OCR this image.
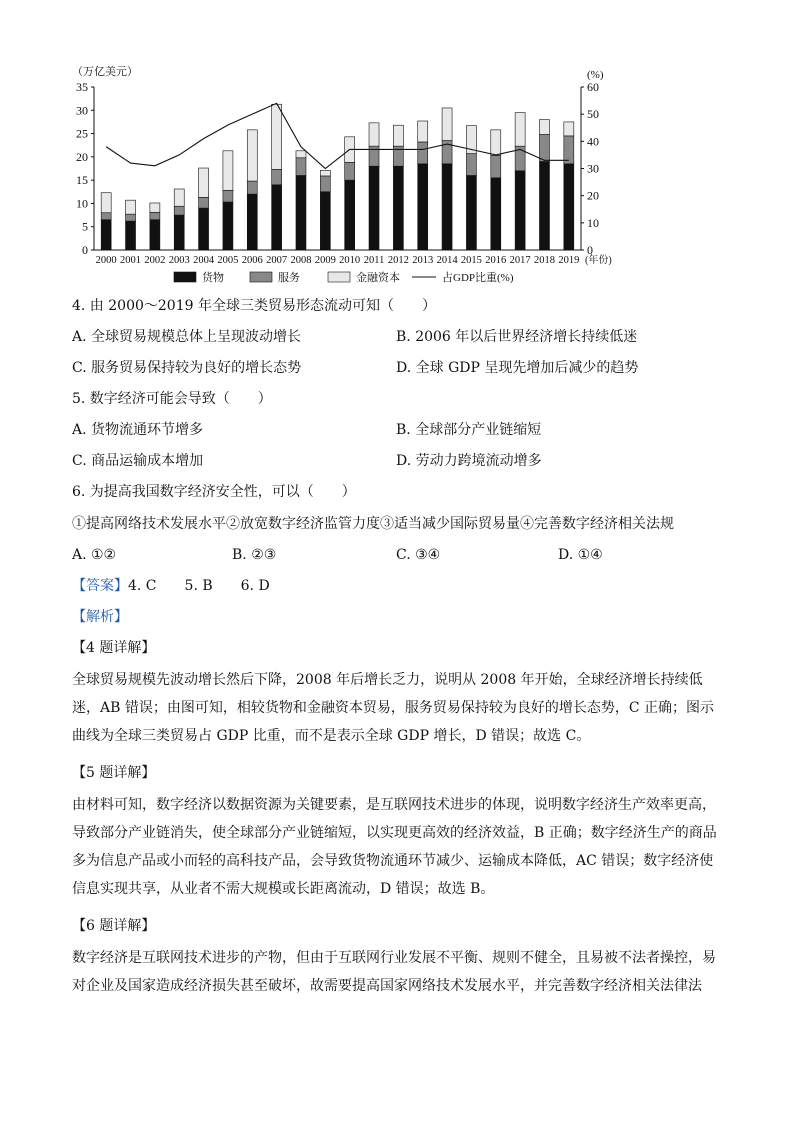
（万亿美元）	(%)
0
5
10
15
20
25
30
35
0
10
20
30
40
50
60
2000 2001 2002 2003 2004 2005 2006 2007 2008 2009 2010 2011 2012 2013 2014 2015 2016 2017 2018 2019 (年份)
货物	服务	金融资本	占GDP比重(%)
4. 由 2000～2019 年全球三类贸易形态流动可知（　　）
A. 全球贸易规模总体上呈现波动增长	B. 2006 年以后世界经济增长持续低迷
C. 服务贸易保持较为良好的增长态势	D. 全球 GDP 呈现先增加后减少的趋势
5. 数字经济可能会导致（　　）
A. 货物流通环节增多	B. 全球部分产业链缩短
C. 商品运输成本增加	D. 劳动力跨境流动增多
6. 为提高我国数字经济安全性，可以（　　）
①提高网络技术发展水平②放宽数字经济监管力度③适当减少国际贸易量④完善数字经济相关法规
A. ①②	B. ②③	C. ③④	D. ①④
【答案】4. C 5. B 6. D
【解析】
【4 题详解】
全球贸易规模先波动增长然后下降，2008 年后增长乏力，说明从 2008 年开始，全球经济增长持续低迷，AB 错误；由图可知，相较货物和金融资本贸易，服务贸易保持较为良好的增长态势，C 正确；图示曲线为全球三类贸易占 GDP 比重，而不是表示全球 GDP 增长，D 错误；故选 C。
【5 题详解】
由材料可知，数字经济以数据资源为关键要素，是互联网技术进步的体现，说明数字经济生产效率更高，导致部分产业链消失，使全球部分产业链缩短，以实现更高效的经济效益，B 正确；数字经济生产的商品多为信息产品或小而轻的高科技产品，会导致货物流通环节减少、运输成本降低，AC 错误；数字经济使信息实现共享，从业者不需大规模或长距离流动，D 错误；故选 B。
【6 题详解】
数字经济是互联网技术进步的产物，但由于互联网行业发展不平衡、规则不健全，且易被不法者操控，易对企业及国家造成经济损失甚至破坏，故需要提高国家网络技术发展水平，并完善数字经济相关法律法
